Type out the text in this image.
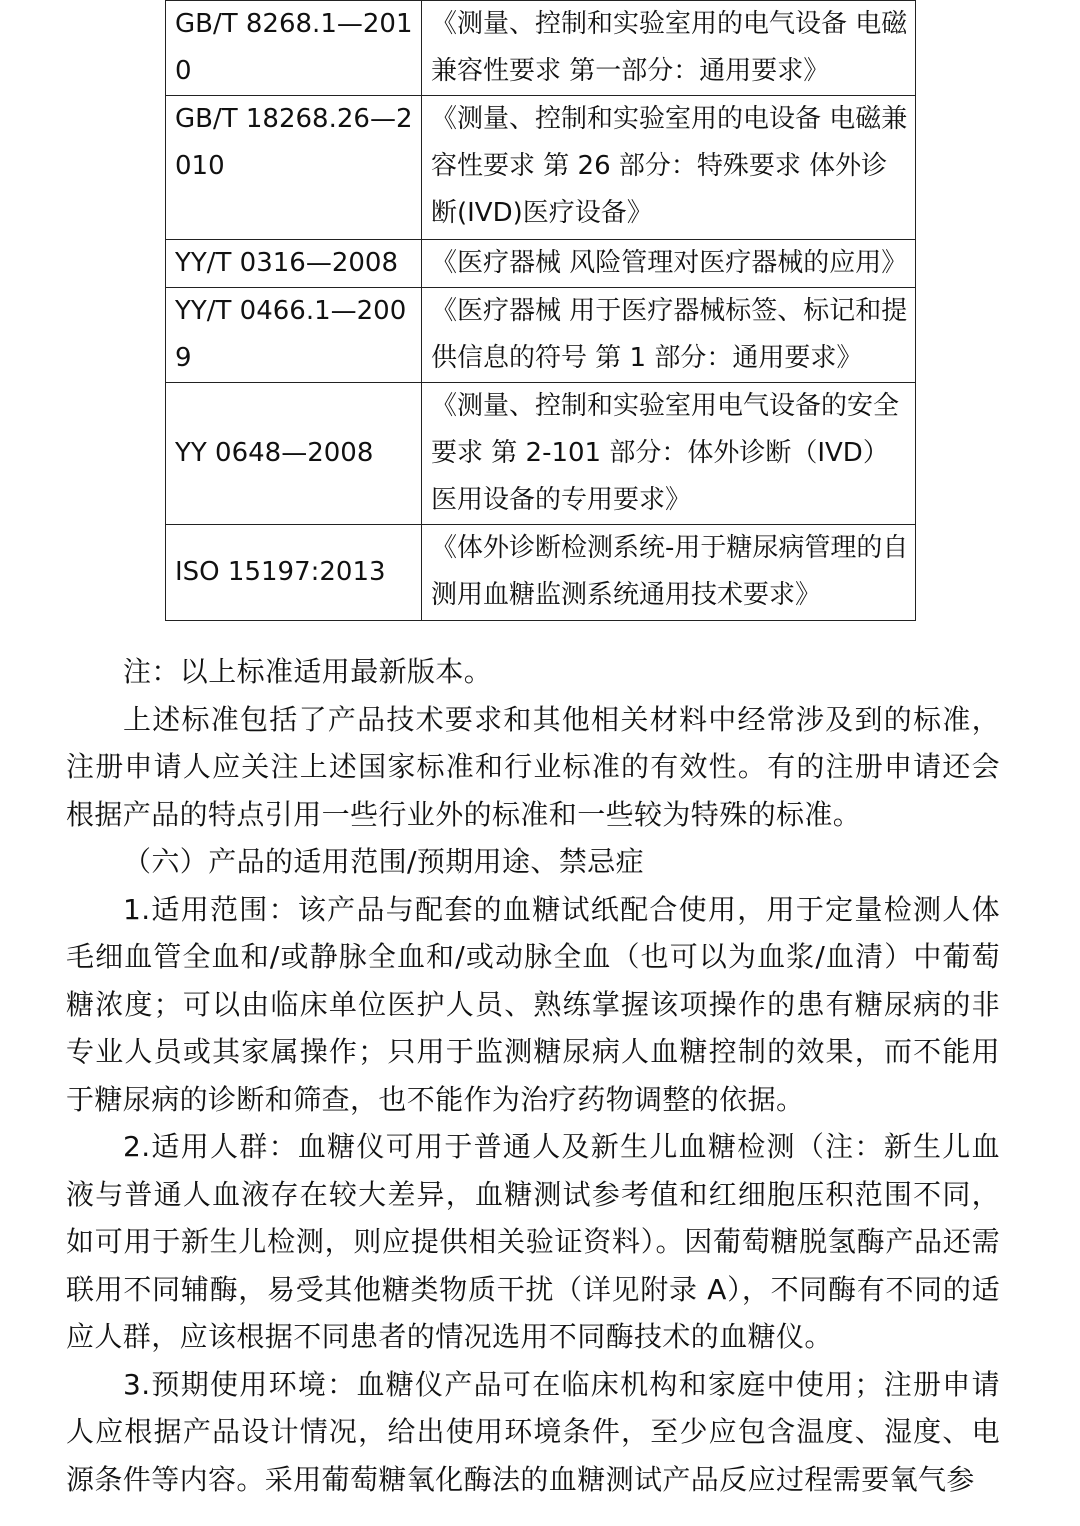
GB/T 8268.1—2010	《测量、控制和实验室用的电气设备 电磁兼容性要求 第一部分：通用要求》
GB/T 18268.26—2010	《测量、控制和实验室用的电设备 电磁兼容性要求 第 26 部分：特殊要求 体外诊断(IVD)医疗设备》
YY/T 0316—2008	《医疗器械 风险管理对医疗器械的应用》
YY/T 0466.1—2009	《医疗器械 用于医疗器械标签、标记和提供信息的符号 第 1 部分：通用要求》
YY 0648—2008	《测量、控制和实验室用电气设备的安全要求 第 2-101 部分：体外诊断（IVD）医用设备的专用要求》
ISO 15197:2013	《体外诊断检测系统-用于糖尿病管理的自测用血糖监测系统通用技术要求》

注：以上标准适用最新版本。

上述标准包括了产品技术要求和其他相关材料中经常涉及到的标准，注册申请人应关注上述国家标准和行业标准的有效性。有的注册申请还会根据产品的特点引用一些行业外的标准和一些较为特殊的标准。

（六）产品的适用范围/预期用途、禁忌症

1.适用范围：该产品与配套的血糖试纸配合使用，用于定量检测人体毛细血管全血和/或静脉全血和/或动脉全血（也可以为血浆/血清）中葡萄糖浓度；可以由临床单位医护人员、熟练掌握该项操作的患有糖尿病的非专业人员或其家属操作；只用于监测糖尿病人血糖控制的效果，而不能用于糖尿病的诊断和筛查，也不能作为治疗药物调整的依据。

2.适用人群：血糖仪可用于普通人及新生儿血糖检测（注：新生儿血液与普通人血液存在较大差异，血糖测试参考值和红细胞压积范围不同，如可用于新生儿检测，则应提供相关验证资料）。因葡萄糖脱氢酶产品还需联用不同辅酶，易受其他糖类物质干扰（详见附录 A），不同酶有不同的适应人群，应该根据不同患者的情况选用不同酶技术的血糖仪。

3.预期使用环境：血糖仪产品可在临床机构和家庭中使用；注册申请人应根据产品设计情况，给出使用环境条件，至少应包含温度、湿度、电源条件等内容。采用葡萄糖氧化酶法的血糖测试产品反应过程需要氧气参
